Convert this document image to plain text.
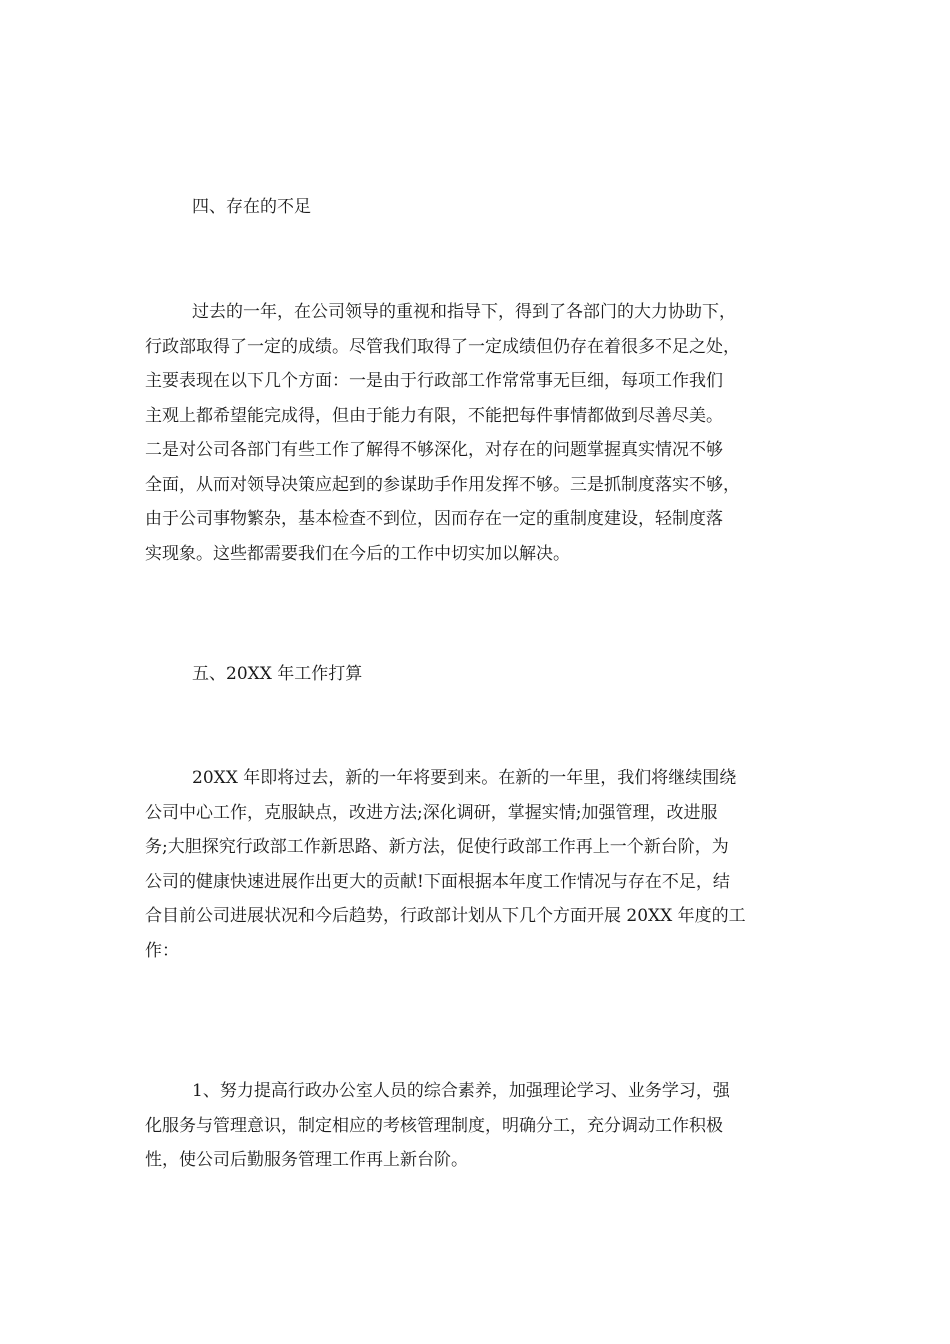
四、存在的不足
过去的一年，在公司领导的重视和指导下，得到了各部门的大力协助下，
行政部取得了一定的成绩。尽管我们取得了一定成绩但仍存在着很多不足之处，
主要表现在以下几个方面：一是由于行政部工作常常事无巨细，每项工作我们
主观上都希望能完成得，但由于能力有限，不能把每件事情都做到尽善尽美。
二是对公司各部门有些工作了解得不够深化，对存在的问题掌握真实情况不够
全面，从而对领导决策应起到的参谋助手作用发挥不够。三是抓制度落实不够，
由于公司事物繁杂，基本检查不到位，因而存在一定的重制度建设，轻制度落
实现象。这些都需要我们在今后的工作中切实加以解决。
五、20XX 年工作打算
20XX 年即将过去，新的一年将要到来。在新的一年里，我们将继续围绕
公司中心工作，克服缺点，改进方法;深化调研，掌握实情;加强管理，改进服
务;大胆探究行政部工作新思路、新方法，促使行政部工作再上一个新台阶，为
公司的健康快速进展作出更大的贡献!下面根据本年度工作情况与存在不足，结
合目前公司进展状况和今后趋势，行政部计划从下几个方面开展 20XX 年度的工
作：
1、努力提高行政办公室人员的综合素养，加强理论学习、业务学习，强
化服务与管理意识，制定相应的考核管理制度，明确分工，充分调动工作积极
性，使公司后勤服务管理工作再上新台阶。
